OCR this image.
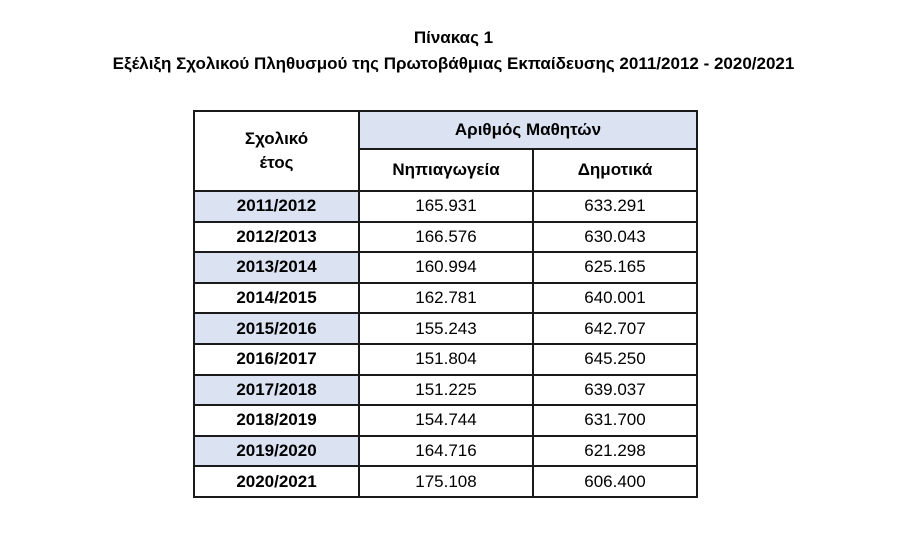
Πίνακας 1
Εξέλιξη Σχολικού Πληθυσμού της Πρωτοβάθμιας Εκπαίδευσης 2011/2012 - 2020/2021
Σχολικό
έτος	Αριθμός Μαθητών	
	Νηπιαγωγεία	Δημοτικά
2011/2012	165.931	633.291
2012/2013	166.576	630.043
2013/2014	160.994	625.165
2014/2015	162.781	640.001
2015/2016	155.243	642.707
2016/2017	151.804	645.250
2017/2018	151.225	639.037
2018/2019	154.744	631.700
2019/2020	164.716	621.298
2020/2021	175.108	606.400
